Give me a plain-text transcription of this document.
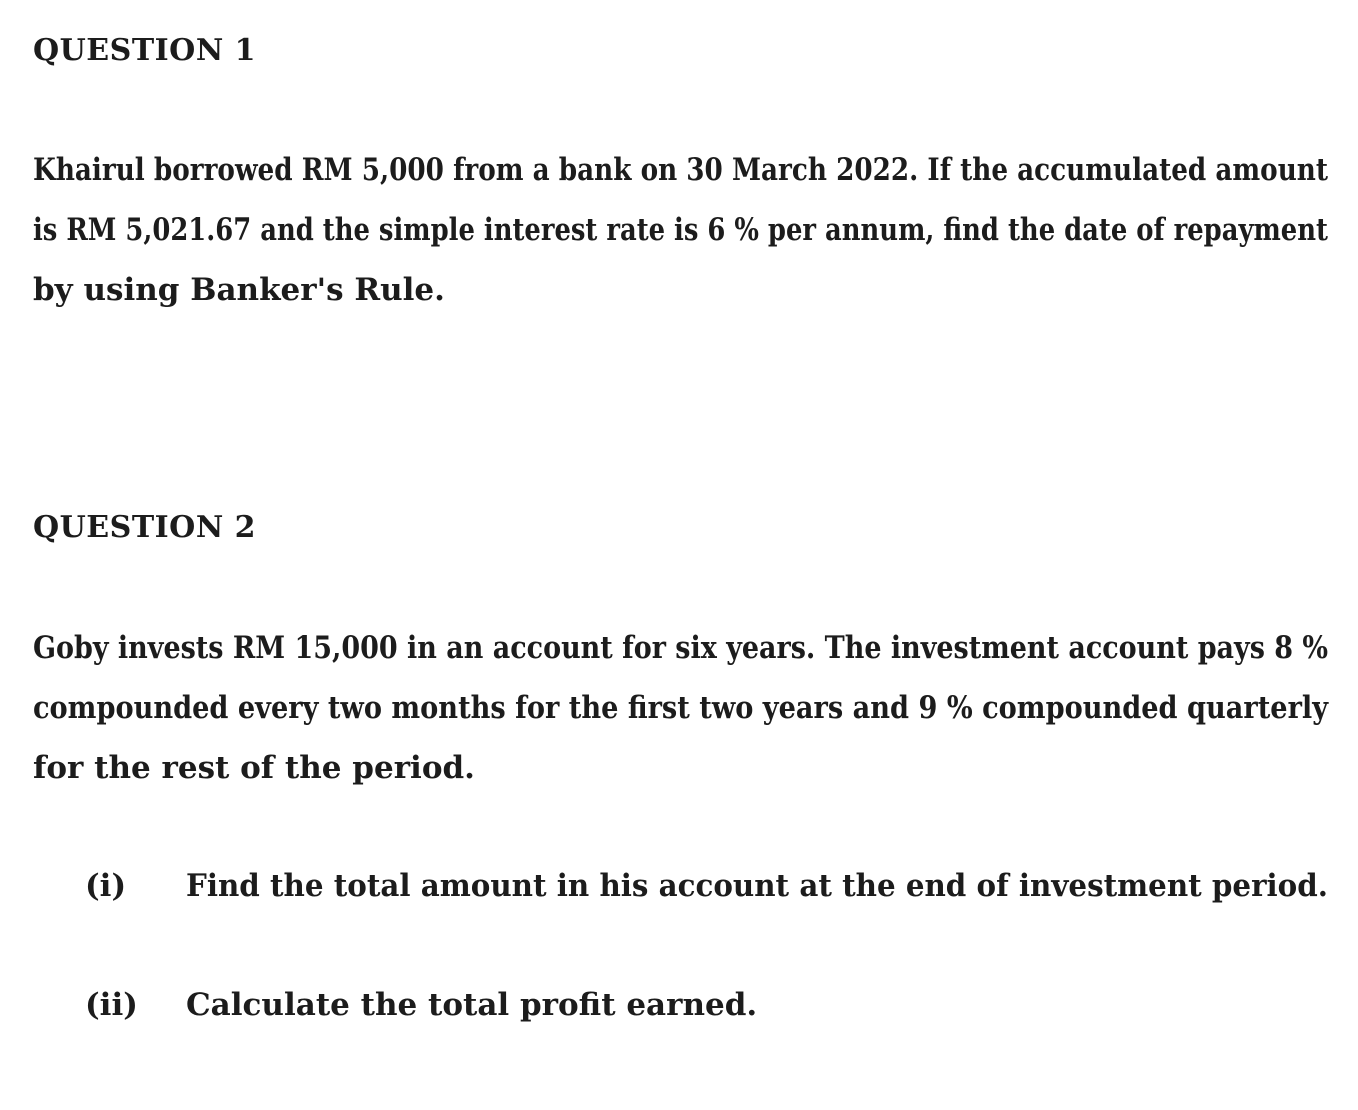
QUESTION 1

Khairul borrowed RM 5,000 from a bank on 30 March 2022. If the accumulated amount
is RM 5,021.67 and the simple interest rate is 6 % per annum, find the date of repayment
by using Banker's Rule.

QUESTION 2

Goby invests RM 15,000 in an account for six years. The investment account pays 8 %
compounded every two months for the first two years and 9 % compounded quarterly
for the rest of the period.

(i) Find the total amount in his account at the end of investment period.
(ii) Calculate the total profit earned.
